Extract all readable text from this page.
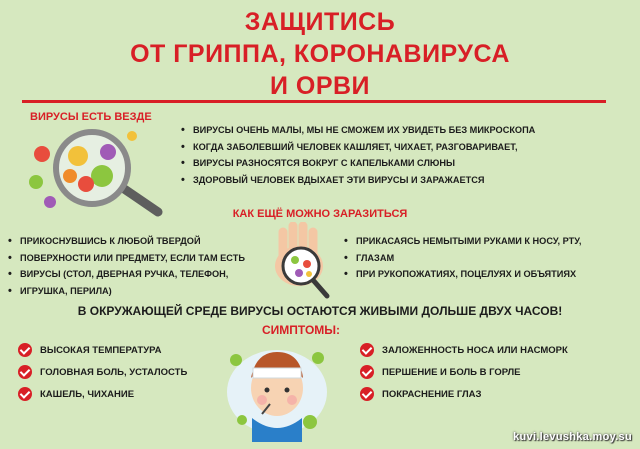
ЗАЩИТИСЬ
ОТ ГРИППА, КОРОНАВИРУСА
И ОРВИ
ВИРУСЫ ЕСТЬ ВЕЗДЕ
• ВИРУСЫ ОЧЕНЬ МАЛЫ, МЫ НЕ СМОЖЕМ ИХ УВИДЕТЬ БЕЗ МИКРОСКОПА
• КОГДА ЗАБОЛЕВШИЙ ЧЕЛОВЕК КАШЛЯЕТ, ЧИХАЕТ, РАЗГОВАРИВАЕТ,
• ВИРУСЫ РАЗНОСЯТСЯ ВОКРУГ С КАПЕЛЬКАМИ СЛЮНЫ
• ЗДОРОВЫЙ ЧЕЛОВЕК ВДЫХАЕТ ЭТИ ВИРУСЫ И ЗАРАЖАЕТСЯ
КАК ЕЩЁ МОЖНО ЗАРАЗИТЬСЯ
• ПРИКОСНУВШИСЬ К ЛЮБОЙ ТВЕРДОЙ
• ПОВЕРХНОСТИ ИЛИ ПРЕДМЕТУ, ЕСЛИ ТАМ ЕСТЬ
• ВИРУСЫ (СТОЛ, ДВЕРНАЯ РУЧКА, ТЕЛЕФОН,
• ИГРУШКА, ПЕРИЛА)
• ПРИКАСАЯСЬ НЕМЫТЫМИ РУКАМИ К НОСУ, РТУ,
• ГЛАЗАМ
• ПРИ РУКОПОЖАТИЯХ, ПОЦЕЛУЯХ И ОБЪЯТИЯХ
В ОКРУЖАЮЩЕЙ СРЕДЕ ВИРУСЫ ОСТАЮТСЯ ЖИВЫМИ ДОЛЬШЕ ДВУХ ЧАСОВ!
СИМПТОМЫ:
ВЫСОКАЯ ТЕМПЕРАТУРА
ГОЛОВНАЯ БОЛЬ, УСТАЛОСТЬ
КАШЕЛЬ, ЧИХАНИЕ
ЗАЛОЖЕННОСТЬ НОСА ИЛИ НАСМОРК
ПЕРШЕНИЕ И БОЛЬ В ГОРЛЕ
ПОКРАСНЕНИЕ ГЛАЗ
kuvi.levushka.moy.su
